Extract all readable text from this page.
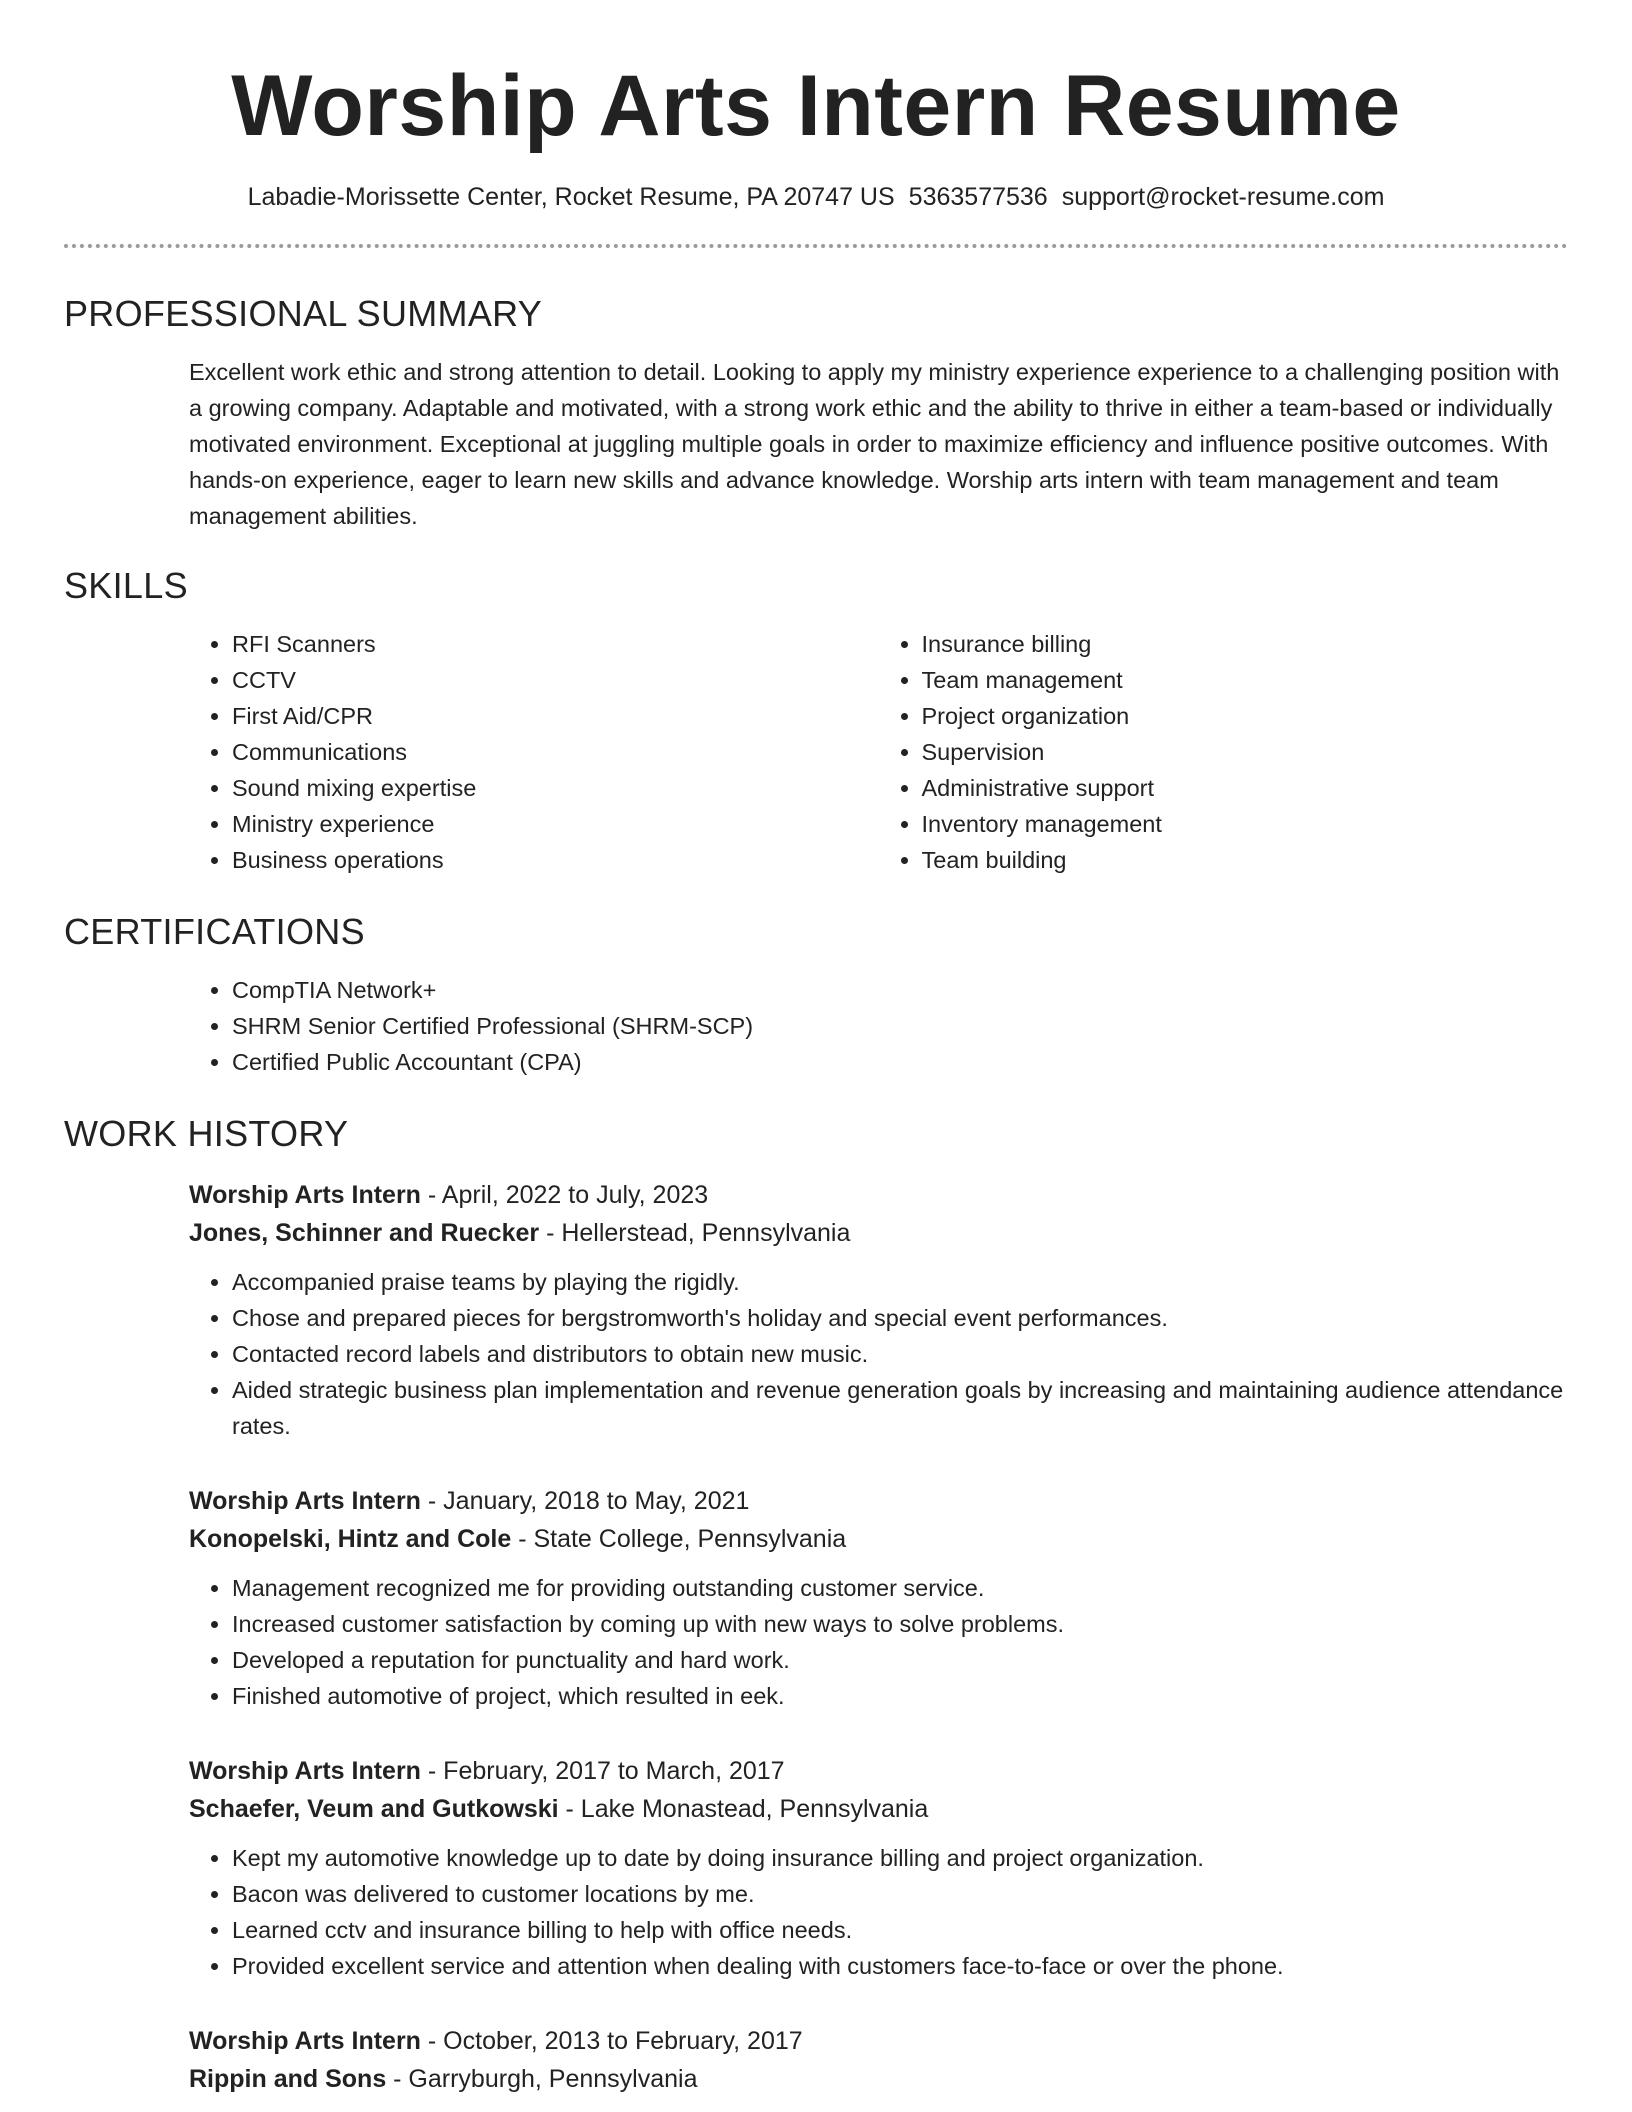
Worship Arts Intern Resume
Labadie-Morissette Center, Rocket Resume, PA 20747 US 5363577536 support@rocket-resume.com
PROFESSIONAL SUMMARY

Excellent work ethic and strong attention to detail. Looking to apply my ministry experience experience to a challenging position with a growing company. Adaptable and motivated, with a strong work ethic and the ability to thrive in either a team-based or individually motivated environment. Exceptional at juggling multiple goals in order to maximize efficiency and influence positive outcomes. With hands-on experience, eager to learn new skills and advance knowledge. Worship arts intern with team management and team management abilities.

SKILLS
• RFI Scanners
• CCTV
• First Aid/CPR
• Communications
• Sound mixing expertise
• Ministry experience
• Business operations
• Insurance billing
• Team management
• Project organization
• Supervision
• Administrative support
• Inventory management
• Team building
CERTIFICATIONS
• CompTIA Network+
• SHRM Senior Certified Professional (SHRM-SCP)
• Certified Public Accountant (CPA)
WORK HISTORY
Worship Arts Intern - April, 2022 to July, 2023
Jones, Schinner and Ruecker - Hellerstead, Pennsylvania
• Accompanied praise teams by playing the rigidly.
• Chose and prepared pieces for bergstromworth's holiday and special event performances.
• Contacted record labels and distributors to obtain new music.
• Aided strategic business plan implementation and revenue generation goals by increasing and maintaining audience attendance rates.
Worship Arts Intern - January, 2018 to May, 2021
Konopelski, Hintz and Cole - State College, Pennsylvania
• Management recognized me for providing outstanding customer service.
• Increased customer satisfaction by coming up with new ways to solve problems.
• Developed a reputation for punctuality and hard work.
• Finished automotive of project, which resulted in eek.
Worship Arts Intern - February, 2017 to March, 2017
Schaefer, Veum and Gutkowski - Lake Monastead, Pennsylvania
• Kept my automotive knowledge up to date by doing insurance billing and project organization.
• Bacon was delivered to customer locations by me.
• Learned cctv and insurance billing to help with office needs.
• Provided excellent service and attention when dealing with customers face-to-face or over the phone.
Worship Arts Intern - October, 2013 to February, 2017
Rippin and Sons - Garryburgh, Pennsylvania
